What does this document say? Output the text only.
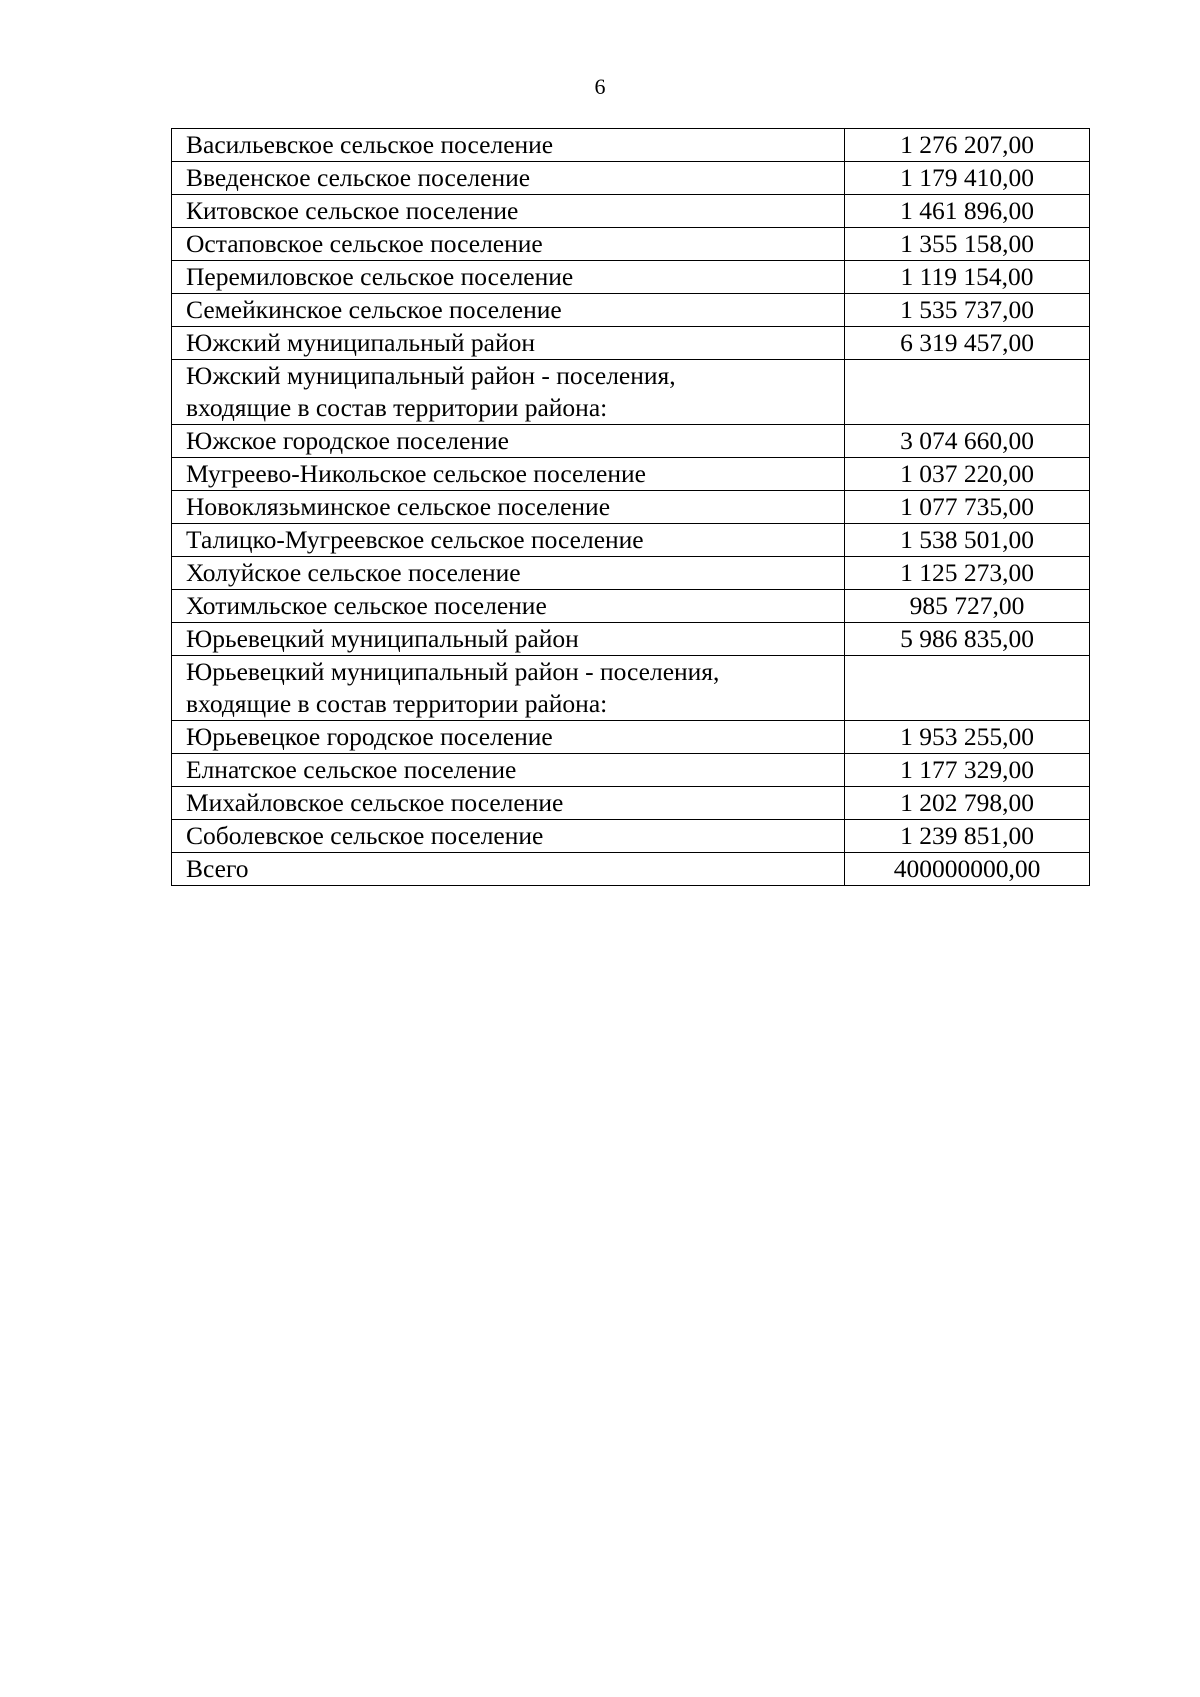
6
Васильевское сельское поселение	1 276 207,00
Введенское сельское поселение	1 179 410,00
Китовское сельское поселение	1 461 896,00
Остаповское сельское поселение	1 355 158,00
Перемиловское сельское поселение	1 119 154,00
Семейкинское сельское поселение	1 535 737,00
Южский муниципальный район	6 319 457,00
Южский муниципальный район - поселения,
входящие в состав территории района:	
Южское городское поселение	3 074 660,00
Мугреево-Никольское сельское поселение	1 037 220,00
Новоклязьминское сельское поселение	1 077 735,00
Талицко-Мугреевское сельское поселение	1 538 501,00
Холуйское сельское поселение	1 125 273,00
Хотимльское сельское поселение	985 727,00
Юрьевецкий муниципальный район	5 986 835,00
Юрьевецкий муниципальный район - поселения,
входящие в состав территории района:	
Юрьевецкое городское поселение	1 953 255,00
Елнатское сельское поселение	1 177 329,00
Михайловское сельское поселение	1 202 798,00
Соболевское сельское поселение	1 239 851,00
Всего	400000000,00
